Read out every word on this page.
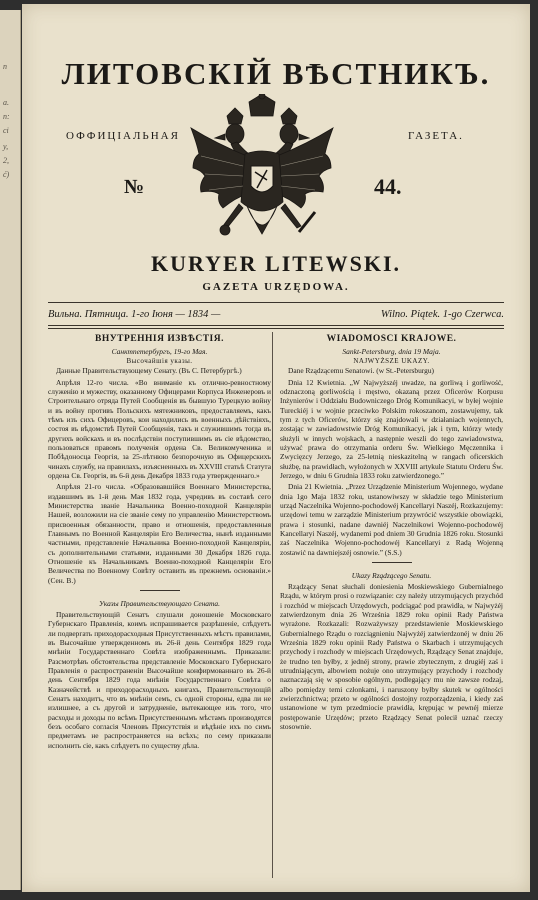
n
a.
n:
ci
y,
2,
ć)
ЛИТОВСКІЙ ВѢСТНИКЪ.
ОФФИЦІАЛЬНАЯ	ГАЗЕТА.
№	44.
KURYER LITEWSKI.
GAZETA URZĘDOWA.
Вильна. Пятница. 1-го Іюня — 1834 —	Wilno. Piątek. 1-go Czerwca.
ВНУТРЕННІЯ ИЗВѢСТІЯ.
Санктпетербургъ, 19-го Мая.
Высочайшія указы.

Данные Правительствующему Сенату. (Въ С. Петербургѣ.)

Апрѣля 12-го числа. «Во вниманіе къ отлично-ревностному служенію и мужеству, оказанному Офицерами Корпуса Инженеровъ и Строительнаго отряда Путей Сообщенія въ бывшую Турецкую войну и въ войну противъ Польскихъ мятежниковъ, предоставляемъ, какъ тѣмъ изъ сихъ Офицеровъ, кои находились въ военныхъ дѣйствіяхъ, состоя въ вѣдомствѣ Путей Сообщенія, такъ и служившимъ тогда въ другихъ войскахъ и въ послѣдствіи поступившимъ въ сіе вѣдомство, пользоваться правомъ полученія ордена Св. Великомученика и Побѣдоносца Георгія, за 25-лѣтнюю безпорочную въ Офицерскихъ чинахъ службу, на правилахъ, изъясненныхъ въ XXVIII статьѣ Статута ордена Св. Георгія, въ 6-й день Декабря 1833 года утвержденнаго.»

Апрѣля 21-го числа. «Образовавшійся Военнаго Министерства, издавшимъ въ 1-й день Мая 1832 года, учредивъ въ составѣ сего Министерства званіе Начальника Военно-походной Канцеляріи Нашей, возложили на сіе званіе сему по управленію Министерствомъ присвоенныя обязанности, право и отношенія, предоставленныя Главнымъ по Военной Канцеляріи Его Величества, нынѣ изданными частными, представленіе Начальника Военно-походной Канцеляріи, съ дополнительными статьями, изданными 30 Декабря 1826 года. Отношеніе къ Начальникамъ Военно-походной Канцеляріи Его Величества по Военному Совѣту оставить въ прежнемъ основаніи.» (Сен. В.)

Указы Правительствующаго Сената.

Правительствующій Сенатъ слушали доношеніе Московскаго Губернскаго Правленія, коимъ испрашивается разрѣшеніе, слѣдуетъ ли подвергать приходорасходныя Присутственныхъ мѣстъ правилами, въ Высочайше утвержденномъ въ 26-й день Сентября 1829 года мнѣніи Государственнаго Совѣта изображеннымъ. Приказали: Разсмотрѣвъ обстоятельства представленіе Московскаго Губернскаго Правленія о распространеніи Высочайше конфирмованнаго въ 26-й день Сентября 1829 года мнѣнія Государственнаго Совѣта о Казначействѣ и приходорасходныхъ книгахъ, Правительствующій Сенатъ находитъ, что въ мнѣніи семъ, съ одной стороны, едва ли не излишнее, а съ другой и затрудненіе, вытекающее изъ того, что расходы и доходы по всѣмъ Присутственнымъ мѣстамъ производятся безъ особаго согласія Членовъ Присутствія и вѣдѣніе ихъ по симъ предметамъ не распространяется на всѣхъ; по сему приказали исполнить сіе, какъ слѣдуетъ по существу дѣла.

WIADOMOŚCI KRAJOWE.
Sankt-Petersburg, dnia 19 Maja.
NAJWYŻSZE UKAZY.

Dane Rządzącemu Senatowi. (w St.-Petersburgu)

Dnia 12 Kwietnia. „W Najwyższéj uwadze, na gorliwą i gorliwość, odznaczoną gorliwością i męstwo, okazaną przez Oficerów Korpusu Inżynierów i Oddziału Budowniczego Dróg Komunikacyi, w byłej wojnie Tureckiéj i w wojnie przeciwko Polskim rokoszanom, zostawujemy, tak tym z tych Oficerów, którzy się znajdowali w działaniach wojennych, zostając w zawiadowstwie Dróg Komunikacyi, jak i tym, którzy wtedy służyli w innych wojskach, a następnie weszli do tego zawiadowstwa, używać prawa do otrzymania orderu Św. Wielkiego Męczennika i Zwycięzcy Jerzego, za 25-letnią nieskazitelną w rangach oficerskich służbę, na prawidłach, wyłożonych w XXVIII artykule Statutu Orderu Św. Jerzego, w dniu 6 Grudnia 1833 roku zatwierdzonego.”

Dnia 21 Kwietnia. „Przez Urządzenie Ministerium Wojennego, wydane dnia 1go Maja 1832 roku, ustanowiwszy w składzie tego Ministerium urząd Naczelnika Wojenno-pochodowéj Kancellaryi Naszéj, Rozkazujemy: urzędowi temu w zarządzie Ministerium przywrócić wszystkie obowiązki, prawa i stosunki, nadane dawniéj Naczelnikowi Wojenno-pochodowéj Kancellaryi Naszéj, wydanemi pod dniem 30 Grudnia 1826 roku. Stosunki zaś Naczelnika Wojenno-pochodowéj Kancellaryi z Radą Wojenną zostawić na dawniejszéj osnowie.” (S.S.)

Ukazy Rządzącego Senatu.

Rządzący Senat słuchali doniesienia Moskiewskiego Gubernialnego Rządu, w którym prosi o rozwiązanie: czy należy utrzymujących przychód i rozchód w miejscach Urzędowych, podciągać pod prawidła, w Najwyżéj zatwierdzonym dnia 26 Września 1829 roku opinii Rady Państwa wyrażone. Rozkazali: Rozważywszy przedstawienie Moskiewskiego Gubernialnego Rządu o rozciągnieniu Najwyżéj zatwierdzonéj w dniu 26 Września 1829 roku opinii Rady Państwa o Skarbach i utrzymujących przychody i rozchody w miejscach Urzędowych, Rządzący Senat znajduje, że trudno ten byłby, z jednéj strony, prawie zbytecznym, z drugiéj zaś i utrudniającym, albowiem nożuje ono utrzymujący przychody i rozchody naznaczają się w sposobie ogólnym, podlegający mu nie zawsze rodzaj, albo pomiędzy temi członkami, i naruszony byłby skutek w ogólności zwierzchnictwa; przeto w ogólności dostojny rozporządzenia, i kiedy zaś ustanowione w tym przedmiocie prawidła, krępując w pewnéj mierze postępowanie Urzędów; przeto Rządzący Senat polecił uznać rzeczy stosownie.
